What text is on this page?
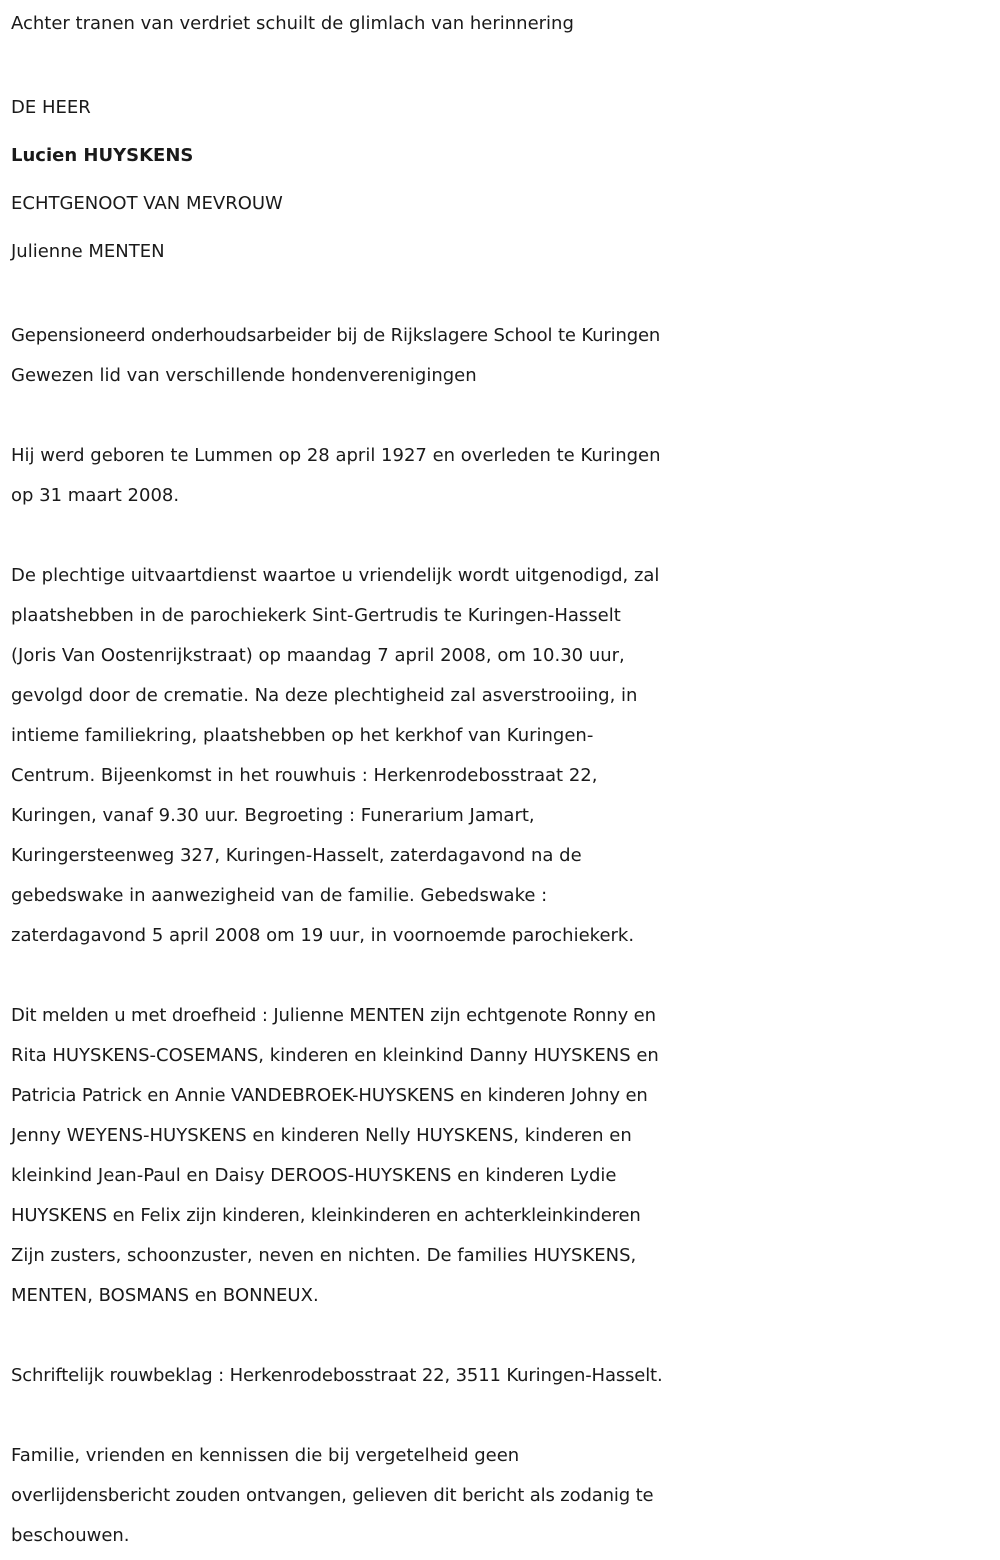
Achter tranen van verdriet schuilt de glimlach van herinnering
DE HEER
Lucien HUYSKENS
ECHTGENOOT VAN MEVROUW
Julienne MENTEN
Gepensioneerd onderhoudsarbeider bij de Rijkslagere School te Kuringen
Gewezen lid van verschillende hondenverenigingen
Hij werd geboren te Lummen op 28 april 1927 en overleden te Kuringen
op 31 maart 2008.
De plechtige uitvaartdienst waartoe u vriendelijk wordt uitgenodigd, zal
plaatshebben in de parochiekerk Sint-Gertrudis te Kuringen-Hasselt
(Joris Van Oostenrijkstraat) op maandag 7 april 2008, om 10.30 uur,
gevolgd door de crematie. Na deze plechtigheid zal asverstrooiing, in
intieme familiekring, plaatshebben op het kerkhof van Kuringen-
Centrum. Bijeenkomst in het rouwhuis : Herkenrodebosstraat 22,
Kuringen, vanaf 9.30 uur. Begroeting : Funerarium Jamart,
Kuringersteenweg 327, Kuringen-Hasselt, zaterdagavond na de
gebedswake in aanwezigheid van de familie. Gebedswake :
zaterdagavond 5 april 2008 om 19 uur, in voornoemde parochiekerk.
Dit melden u met droefheid : Julienne MENTEN zijn echtgenote Ronny en
Rita HUYSKENS-COSEMANS, kinderen en kleinkind Danny HUYSKENS en
Patricia Patrick en Annie VANDEBROEK-HUYSKENS en kinderen Johny en
Jenny WEYENS-HUYSKENS en kinderen Nelly HUYSKENS, kinderen en
kleinkind Jean-Paul en Daisy DEROOS-HUYSKENS en kinderen Lydie
HUYSKENS en Felix zijn kinderen, kleinkinderen en achterkleinkinderen
Zijn zusters, schoonzuster, neven en nichten. De families HUYSKENS,
MENTEN, BOSMANS en BONNEUX.
Schriftelijk rouwbeklag : Herkenrodebosstraat 22, 3511 Kuringen-Hasselt.
Familie, vrienden en kennissen die bij vergetelheid geen
overlijdensbericht zouden ontvangen, gelieven dit bericht als zodanig te
beschouwen.
